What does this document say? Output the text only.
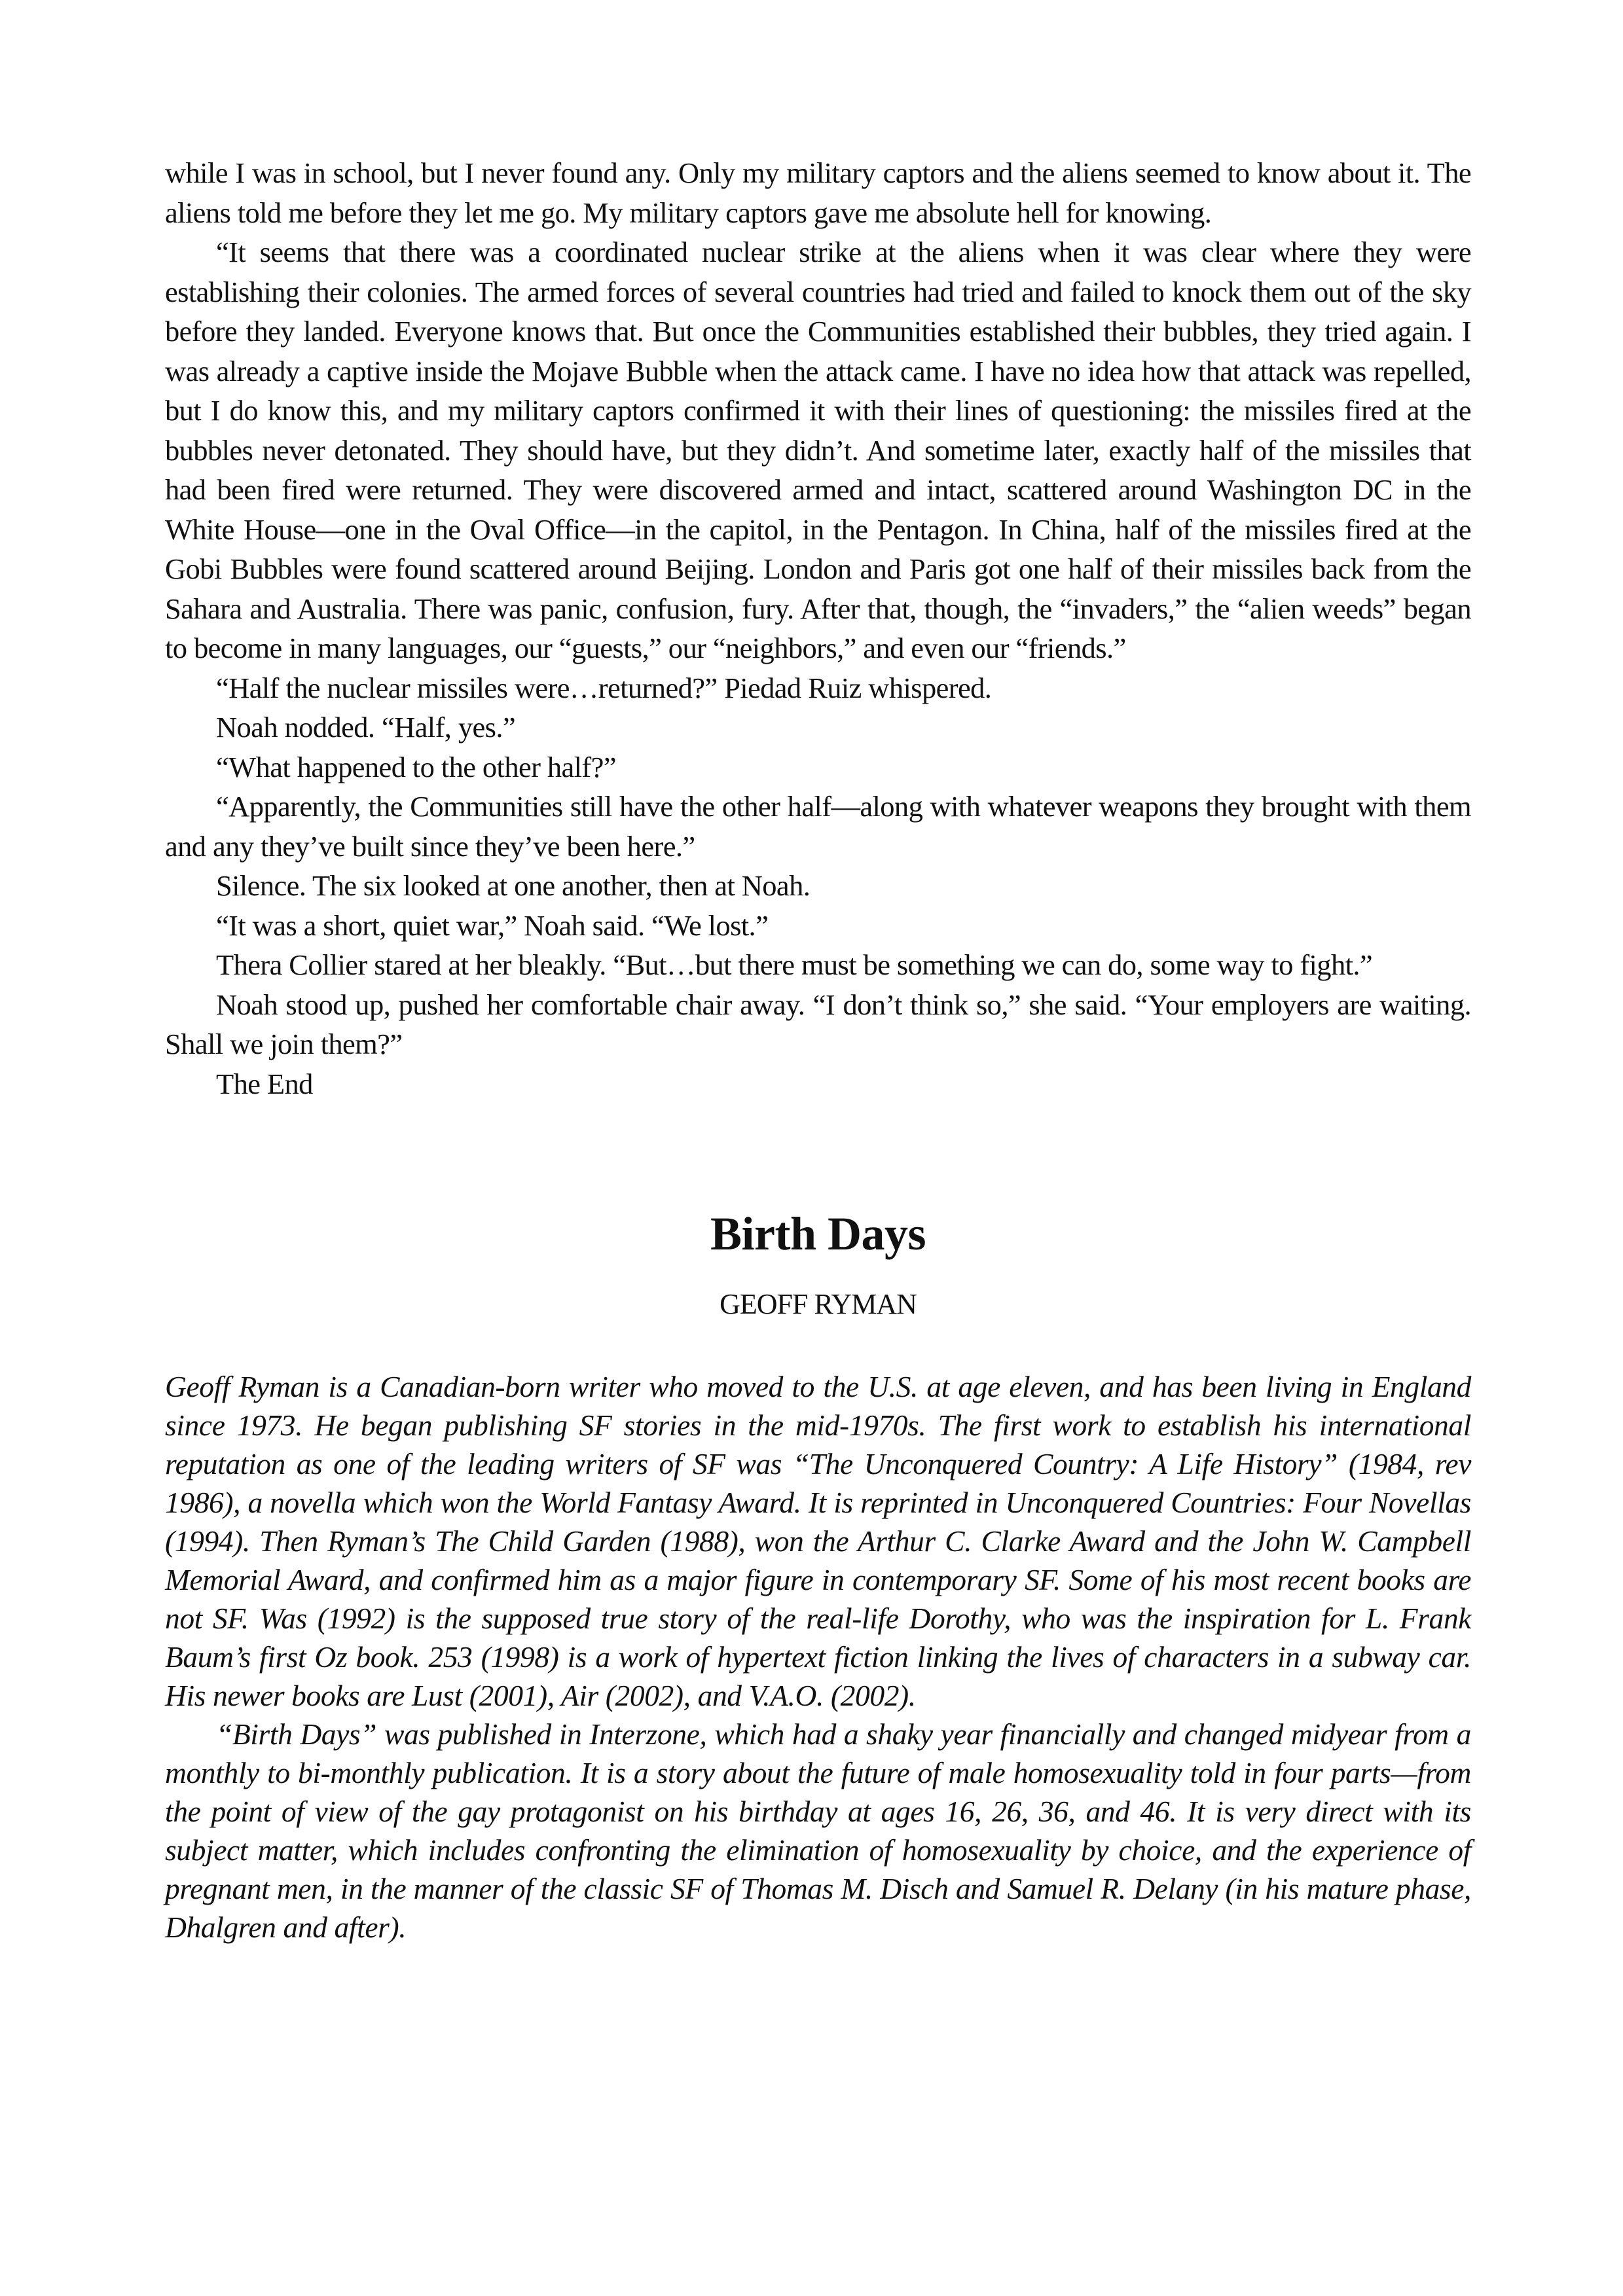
while I was in school, but I never found any. Only my military captors and the aliens seemed to know about it. The aliens told me before they let me go. My military captors gave me absolute hell for knowing.

“It seems that there was a coordinated nuclear strike at the aliens when it was clear where they were establishing their colonies. The armed forces of several countries had tried and failed to knock them out of the sky before they landed. Everyone knows that. But once the Communities established their bubbles, they tried again. I was already a captive inside the Mojave Bubble when the attack came. I have no idea how that attack was repelled, but I do know this, and my military captors confirmed it with their lines of questioning: the missiles fired at the bubbles never detonated. They should have, but they didn’t. And sometime later, exactly half of the missiles that had been fired were returned. They were discovered armed and intact, scattered around Washington DC in the White House—one in the Oval Office—in the capitol, in the Pentagon. In China, half of the missiles fired at the Gobi Bubbles were found scattered around Beijing. London and Paris got one half of their missiles back from the Sahara and Australia. There was panic, confusion, fury. After that, though, the “invaders,” the “alien weeds” began to become in many languages, our “guests,” our “neighbors,” and even our “friends.”

“Half the nuclear missiles were…returned?” Piedad Ruiz whispered.

Noah nodded. “Half, yes.”

“What happened to the other half?”

“Apparently, the Communities still have the other half—along with whatever weapons they brought with them and any they’ve built since they’ve been here.”

Silence. The six looked at one another, then at Noah.

“It was a short, quiet war,” Noah said. “We lost.”

Thera Collier stared at her bleakly. “But…but there must be something we can do, some way to fight.”

Noah stood up, pushed her comfortable chair away. “I don’t think so,” she said. “Your employers are waiting. Shall we join them?”

The End

Birth Days
GEOFF RYMAN

Geoff Ryman is a Canadian-born writer who moved to the U.S. at age eleven, and has been living in England since 1973. He began publishing SF stories in the mid-1970s. The first work to establish his international reputation as one of the leading writers of SF was “The Unconquered Country: A Life History” (1984, rev 1986), a novella which won the World Fantasy Award. It is reprinted in Unconquered Countries: Four Novellas (1994). Then Ryman’s The Child Garden (1988), won the Arthur C. Clarke Award and the John W. Campbell Memorial Award, and confirmed him as a major figure in contemporary SF. Some of his most recent books are not SF. Was (1992) is the supposed true story of the real-life Dorothy, who was the inspiration for L. Frank Baum’s first Oz book. 253 (1998) is a work of hypertext fiction linking the lives of characters in a subway car. His newer books are Lust (2001), Air (2002), and V.A.O. (2002).

“Birth Days” was published in Interzone, which had a shaky year financially and changed midyear from a monthly to bi-monthly publication. It is a story about the future of male homosexuality told in four parts—from the point of view of the gay protagonist on his birthday at ages 16, 26, 36, and 46. It is very direct with its subject matter, which includes confronting the elimination of homosexuality by choice, and the experience of pregnant men, in the manner of the classic SF of Thomas M. Disch and Samuel R. Delany (in his mature phase, Dhalgren and after).
